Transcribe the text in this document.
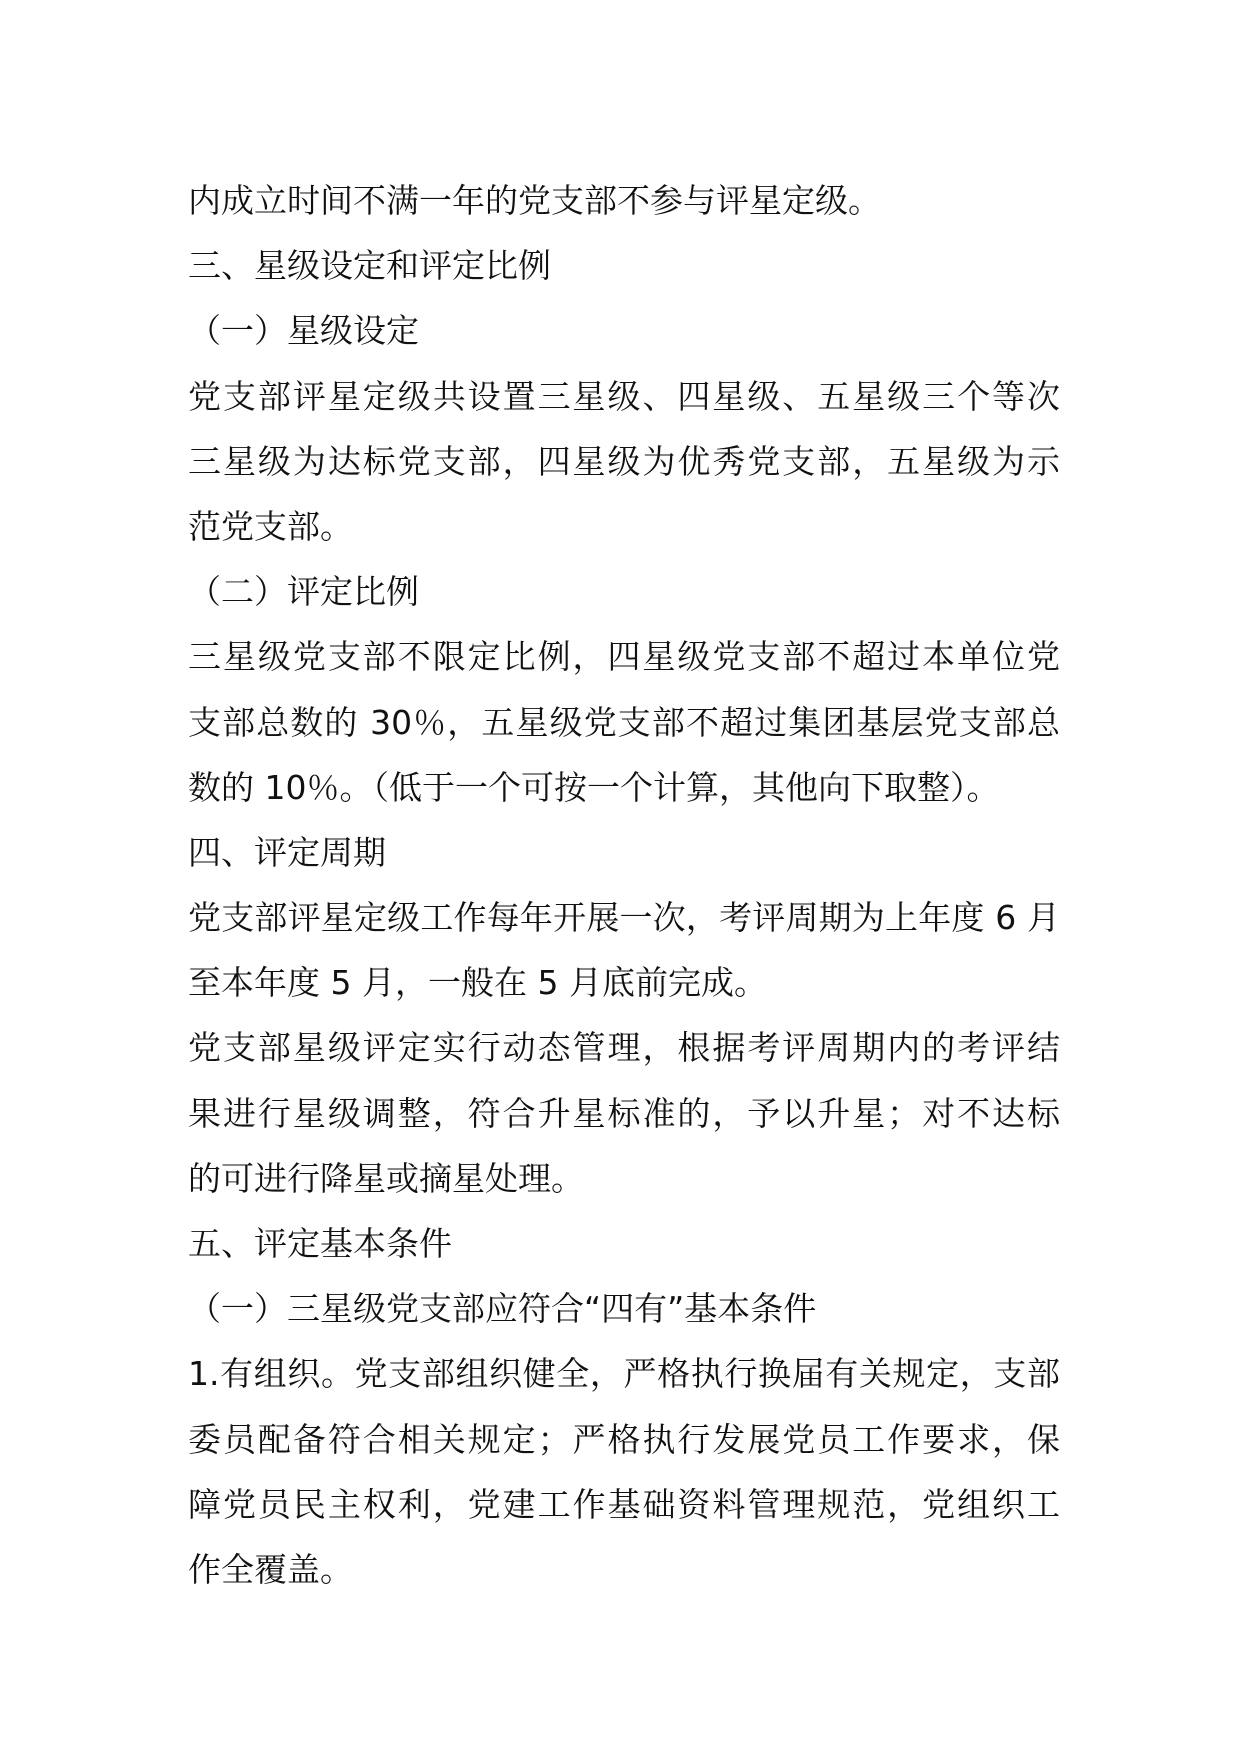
内成立时间不满一年的党支部不参与评星定级。

三、星级设定和评定比例

（一）星级设定

党支部评星定级共设置三星级、四星级、五星级三个等次

三星级为达标党支部，四星级为优秀党支部，五星级为示

范党支部。

（二）评定比例

三星级党支部不限定比例，四星级党支部不超过本单位党

支部总数的 30％，五星级党支部不超过集团基层党支部总

数的 10％。（低于一个可按一个计算，其他向下取整）。

四、评定周期

党支部评星定级工作每年开展一次，考评周期为上年度 6 月

至本年度 5 月，一般在 5 月底前完成。

党支部星级评定实行动态管理，根据考评周期内的考评结

果进行星级调整，符合升星标准的，予以升星；对不达标

的可进行降星或摘星处理。

五、评定基本条件

（一）三星级党支部应符合“四有”基本条件

1.有组织。党支部组织健全，严格执行换届有关规定，支部

委员配备符合相关规定；严格执行发展党员工作要求，保

障党员民主权利，党建工作基础资料管理规范，党组织工

作全覆盖。
